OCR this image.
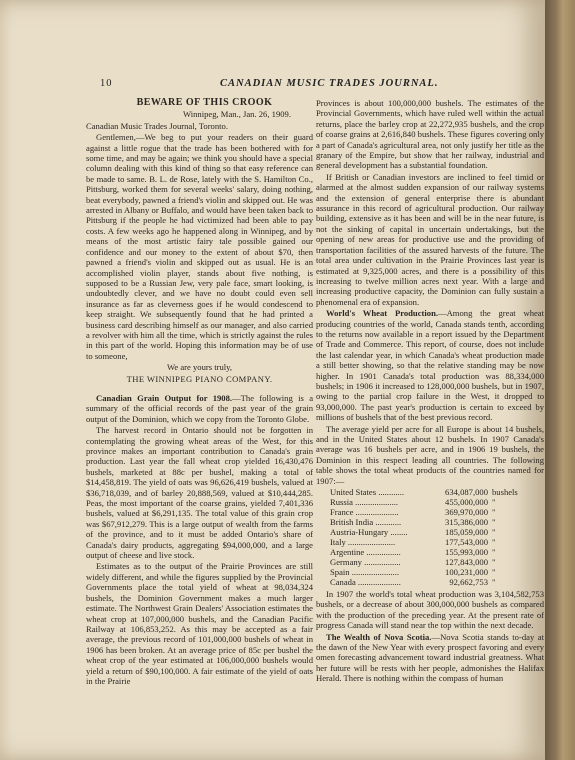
10	CANADIAN MUSIC TRADES JOURNAL.

BEWARE OF THIS CROOK

Winnipeg, Man., Jan. 26, 1909.

Canadian Music Trades Journal, Toronto.

Gentlemen,—We beg to put your readers on their guard against a little rogue that the trade has been bothered with for some time, and may be again; we think you should have a special column dealing with this kind of thing so that easy reference can be made to same. B. L. de Rose, lately with the S. Hamilton Co., Pittsburg, worked them for several weeks' salary, doing nothing, beat everybody, pawned a friend's violin and skipped out. He was arrested in Albany or Buffalo, and would have been taken back to Pittsburg if the people he had victimized had been able to pay costs. A few weeks ago he happened along in Winnipeg, and by means of the most artistic fairy tale possible gained our confidence and our money to the extent of about $70, then pawned a friend's violin and skipped out as usual. He is an accomplished violin player, stands about five nothing, is supposed to be a Russian Jew, very pale face, smart looking, is undoubtedly clever, and we have no doubt could even sell insurance as far as cleverness goes if he would condescend to keep straight. We subsequently found that he had printed a business card describing himself as our manager, and also carried a revolver with him all the time, which is strictly against the rules in this part of the world. Hoping this information may be of use to someone,

We are yours truly,

THE WINNIPEG PIANO COMPANY.

Canadian Grain Output for 1908.—The following is a summary of the official records of the past year of the grain output of the Dominion, which we copy from the Toronto Globe.

The harvest record in Ontario should not be forgotten in contemplating the growing wheat areas of the West, for this province makes an important contribution to Canada's grain production. Last year the fall wheat crop yielded 16,430,476 bushels, marketed at 88c per bushel, making a total of $14,458,819. The yield of oats was 96,626,419 bushels, valued at $36,718,039, and of barley 20,888,569, valued at $10,444,285. Peas, the most important of the coarse grains, yielded 7,401,336 bushels, valued at $6,291,135. The total value of this grain crop was $67,912,279. This is a large output of wealth from the farms of the province, and to it must be added Ontario's share of Canada's dairy products, aggregating $94,000,000, and a large output of cheese and live stock.

Estimates as to the output of the Prairie Provinces are still widely different, and while the figures supplied by the Provincial Governments place the total yield of wheat at 98,034,324 bushels, the Dominion Government makes a much larger estimate. The Northwest Grain Dealers' Association estimates the wheat crop at 107,000,000 bushels, and the Canadian Pacific Railway at 106,853,252. As this may be accepted as a fair average, the previous record of 101,000,000 bushels of wheat in 1906 has been broken. At an average price of 85c per bushel the wheat crop of the year estimated at 106,000,000 bushels would yield a return of $90,100,000. A fair estimate of the yield of oats in the Prairie

Provinces is about 100,000,000 bushels. The estimates of the Provincial Governments, which have ruled well within the actual returns, place the barley crop at 22,272,935 bushels, and the crop of coarse grains at 2,616,840 bushels. These figures covering only a part of Canada's agricultural area, not only justify her title as the granary of the Empire, but show that her railway, industrial and general development has a substantial foundation.

If British or Canadian investors are inclined to feel timid or alarmed at the almost sudden expansion of our railway systems and the extension of general enterprise there is abundant assurance in this record of agricultural production. Our railway building, extensive as it has been and will be in the near future, is not the sinking of capital in uncertain undertakings, but the opening of new areas for productive use and the providing of transportation facilities of the assured harvests of the future. The total area under cultivation in the Prairie Provinces last year is estimated at 9,325,000 acres, and there is a possibility of this increasing to twelve million acres next year. With a large and increasing productive capacity, the Dominion can fully sustain a phenomenal era of expansion.

World's Wheat Production.—Among the great wheat producing countries of the world, Canada stands tenth, according to the returns now available in a report issued by the Department of Trade and Commerce. This report, of course, does not include the last calendar year, in which Canada's wheat production made a still better showing, so that the relative standing may be now higher. In 1901 Canada's total production was 88,334,000 bushels; in 1906 it increased to 128,000,000 bushels, but in 1907, owing to the partial crop failure in the West, it dropped to 93,000,000. The past year's production is certain to exceed by millions of bushels that of the best previous record.

The average yield per acre for all Europe is about 14 bushels, and in the United States about 12 bushels. In 1907 Canada's average was 16 bushels per acre, and in 1906 19 bushels, the Dominion in this respect leading all countries. The following table shows the total wheat products of the countries named for 1907:—

United States ............	634,087,000	bushels
Russia ....................	455,000,000	"
France ....................	369,970,000	"
British India ............	315,386,000	"
Austria-Hungary ........	185,059,000	"
Italy ......................	177,543,000	"
Argentine ................	155,993,000	"
Germany .................	127,843,000	"
Spain ......................	100,231,000	"
Canada ....................	92,662,753	"

In 1907 the world's total wheat production was 3,104,582,753 bushels, or a decrease of about 300,000,000 bushels as compared with the production of the preceding year. At the present rate of progress Canada will stand near the top within the next decade.

The Wealth of Nova Scotia.—Nova Scotia stands to-day at the dawn of the New Year with every prospect favoring and every omen forecasting advancement toward industrial greatness. What her future will be rests with her people, admonishes the Halifax Herald. There is nothing within the compass of human
